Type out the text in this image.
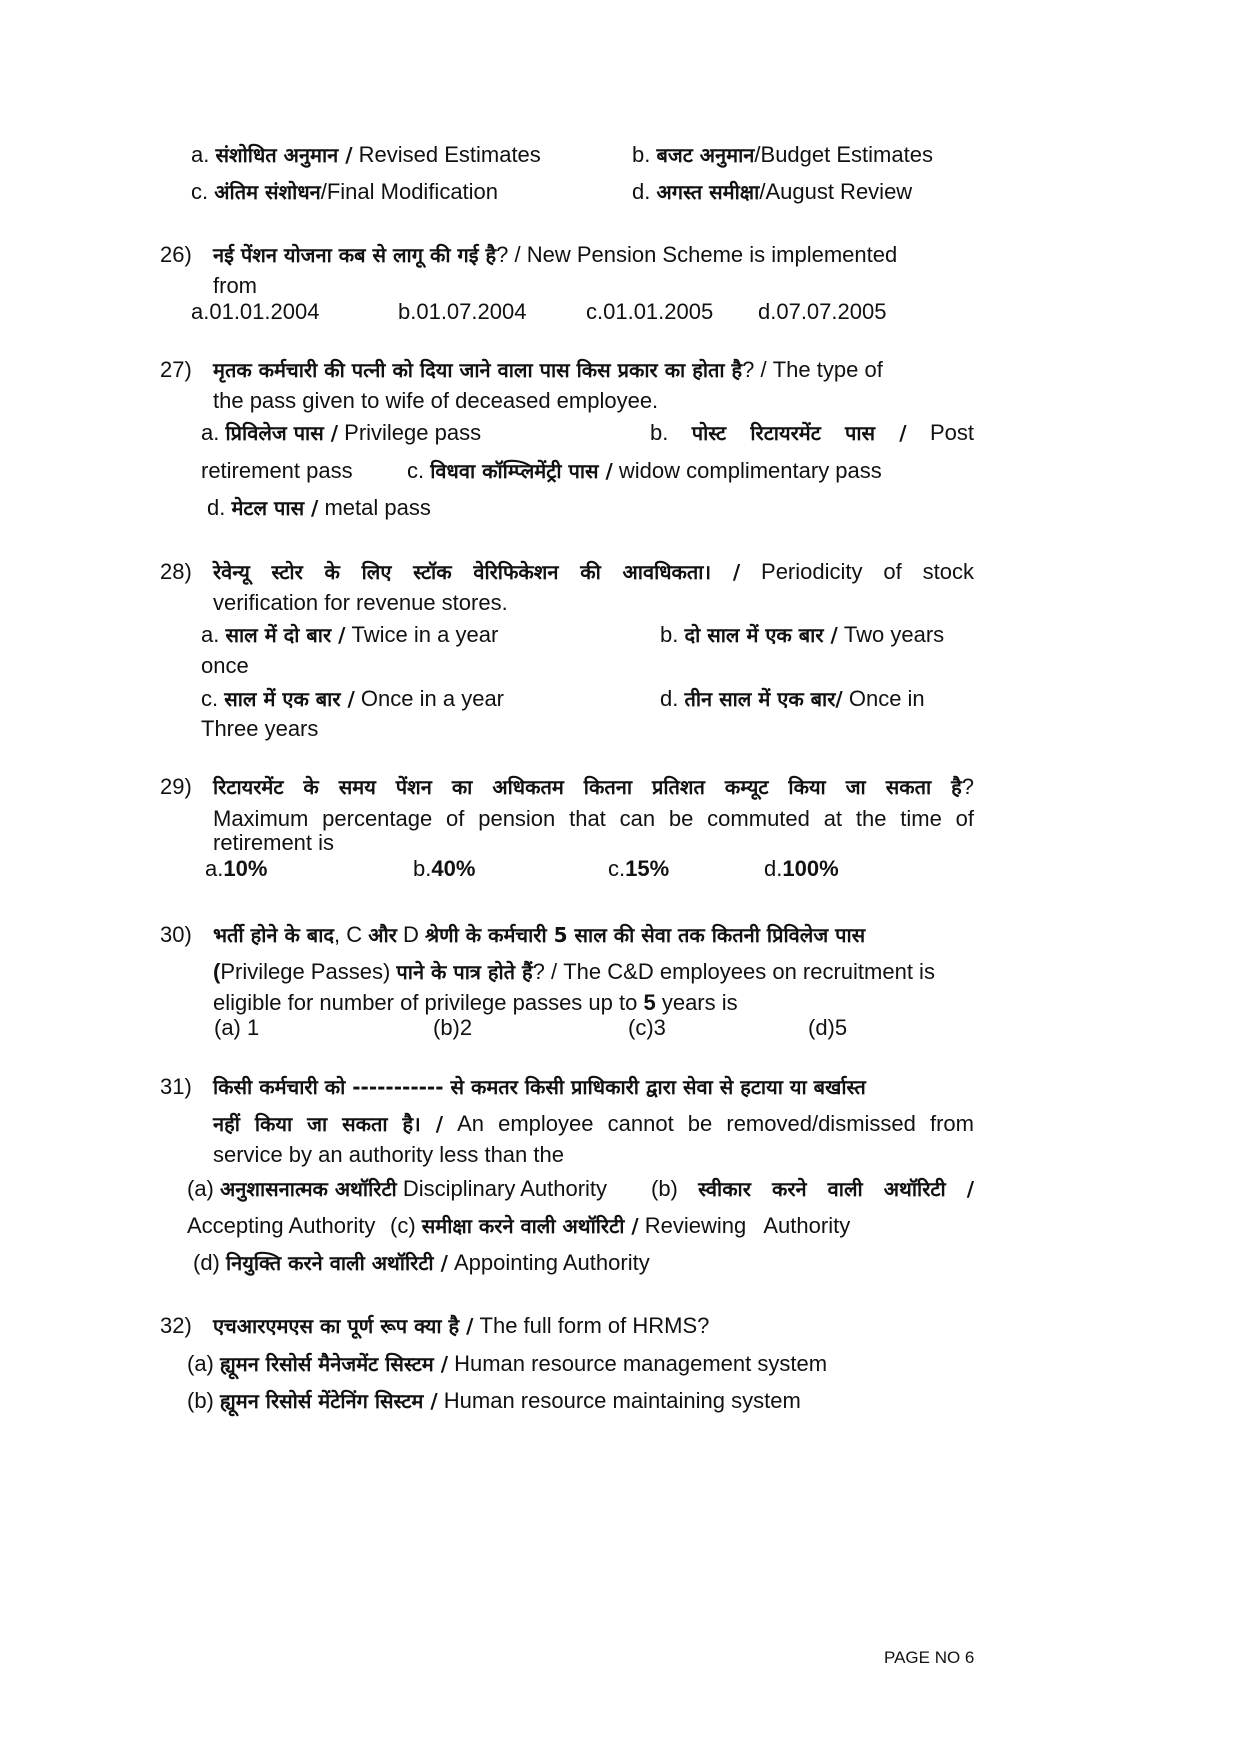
a. संशोधित अनुमान / Revised Estimates	b. बजट अनुमान/Budget Estimates
c. अंतिम संशोधन/Final Modification	d. अगस्त समीक्षा/August Review
26) नई पेंशन योजना कब से लागू की गई है? / New Pension Scheme is implemented
from
a.01.01.2004	b.01.07.2004	c.01.01.2005 d.07.07.2005
27) मृतक कर्मचारी की पत्नी को दिया जाने वाला पास किस प्रकार का होता है? / The type of
the pass given to wife of deceased employee.
a. प्रिविलेज पास / Privilege pass	b. पोस्ट रिटायरमेंट पास / Post
retirement pass c. विधवा कॉम्प्लिमेंट्री पास / widow complimentary pass
d. मेटल पास / metal pass
28) रेवेन्यू स्टोर के लिए स्टॉक वेरिफिकेशन की आवधिकता। / Periodicity of stock
verification for revenue stores.
a. साल में दो बार / Twice in a year	b. दो साल में एक बार / Two years
once
c. साल में एक बार / Once in a year	d. तीन साल में एक बार/ Once in
Three years
29) रिटायरमेंट के समय पेंशन का अधिकतम कितना प्रतिशत कम्यूट किया जा सकता है?
Maximum percentage of pension that can be commuted at the time of
retirement is
a.10%	b.40%	c.15%	d.100%
30) भर्ती होने के बाद, C और D श्रेणी के कर्मचारी 5 साल की सेवा तक कितनी प्रिविलेज पास
(Privilege Passes) पाने के पात्र होते हैं? / The C&D employees on recruitment is
eligible for number of privilege passes up to 5 years is
(a) 1	(b)2	(c)3	(d)5
31) किसी कर्मचारी को ----------- से कमतर किसी प्राधिकारी द्वारा सेवा से हटाया या बर्खास्त
नहीं किया जा सकता है। / An employee cannot be removed/dismissed from
service by an authority less than the
(a) अनुशासनात्मक अथॉरिटी Disciplinary Authority (b) स्वीकार करने वाली अथॉरिटी /
Accepting Authority (c) समीक्षा करने वाली अथॉरिटी / Reviewing   Authority
(d) नियुक्ति करने वाली अथॉरिटी / Appointing Authority
32) एचआरएमएस का पूर्ण रूप क्या है / The full form of HRMS?
(a) ह्यूमन रिसोर्स मैनेजमेंट सिस्टम / Human resource management system
(b) ह्यूमन रिसोर्स मेंटेनिंग सिस्टम / Human resource maintaining system
PAGE NO 6
